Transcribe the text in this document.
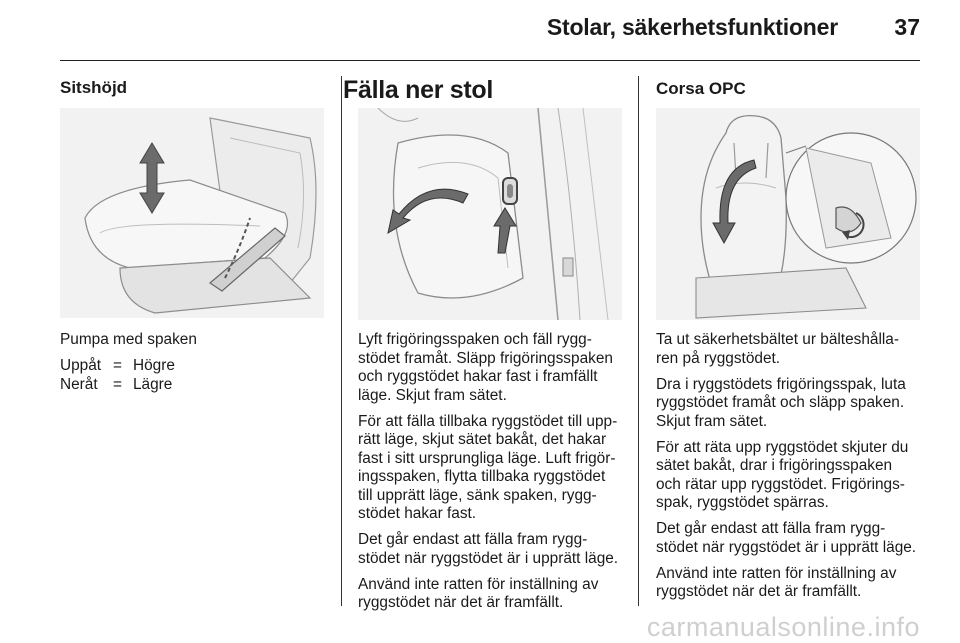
Stolar, säkerhetsfunktioner 37
Sitshöjd
Pumpa med spaken
Uppåt	=	Högre
Neråt	=	Lägre
Fälla ner stol

Lyft frigöringsspaken och fäll rygg-
stödet framåt. Släpp frigöringsspaken
och ryggstödet hakar fast i framfällt
läge. Skjut fram sätet.

För att fälla tillbaka ryggstödet till upp-
rätt läge, skjut sätet bakåt, det hakar
fast i sitt ursprungliga läge. Luft frigör-
ingsspaken, flytta tillbaka ryggstödet
till upprätt läge, sänk spaken, rygg-
stödet hakar fast.

Det går endast att fälla fram rygg-
stödet när ryggstödet är i upprätt läge.

Använd inte ratten för inställning av
ryggstödet när det är framfällt.

Corsa OPC

Ta ut säkerhetsbältet ur bälteshålla-
ren på ryggstödet.

Dra i ryggstödets frigöringsspak, luta
ryggstödet framåt och släpp spaken.
Skjut fram sätet.

För att räta upp ryggstödet skjuter du
sätet bakåt, drar i frigöringsspaken
och rätar upp ryggstödet. Frigörings-
spak, ryggstödet spärras.

Det går endast att fälla fram rygg-
stödet när ryggstödet är i upprätt läge.

Använd inte ratten för inställning av
ryggstödet när det är framfällt.

carmanualsonline.info
